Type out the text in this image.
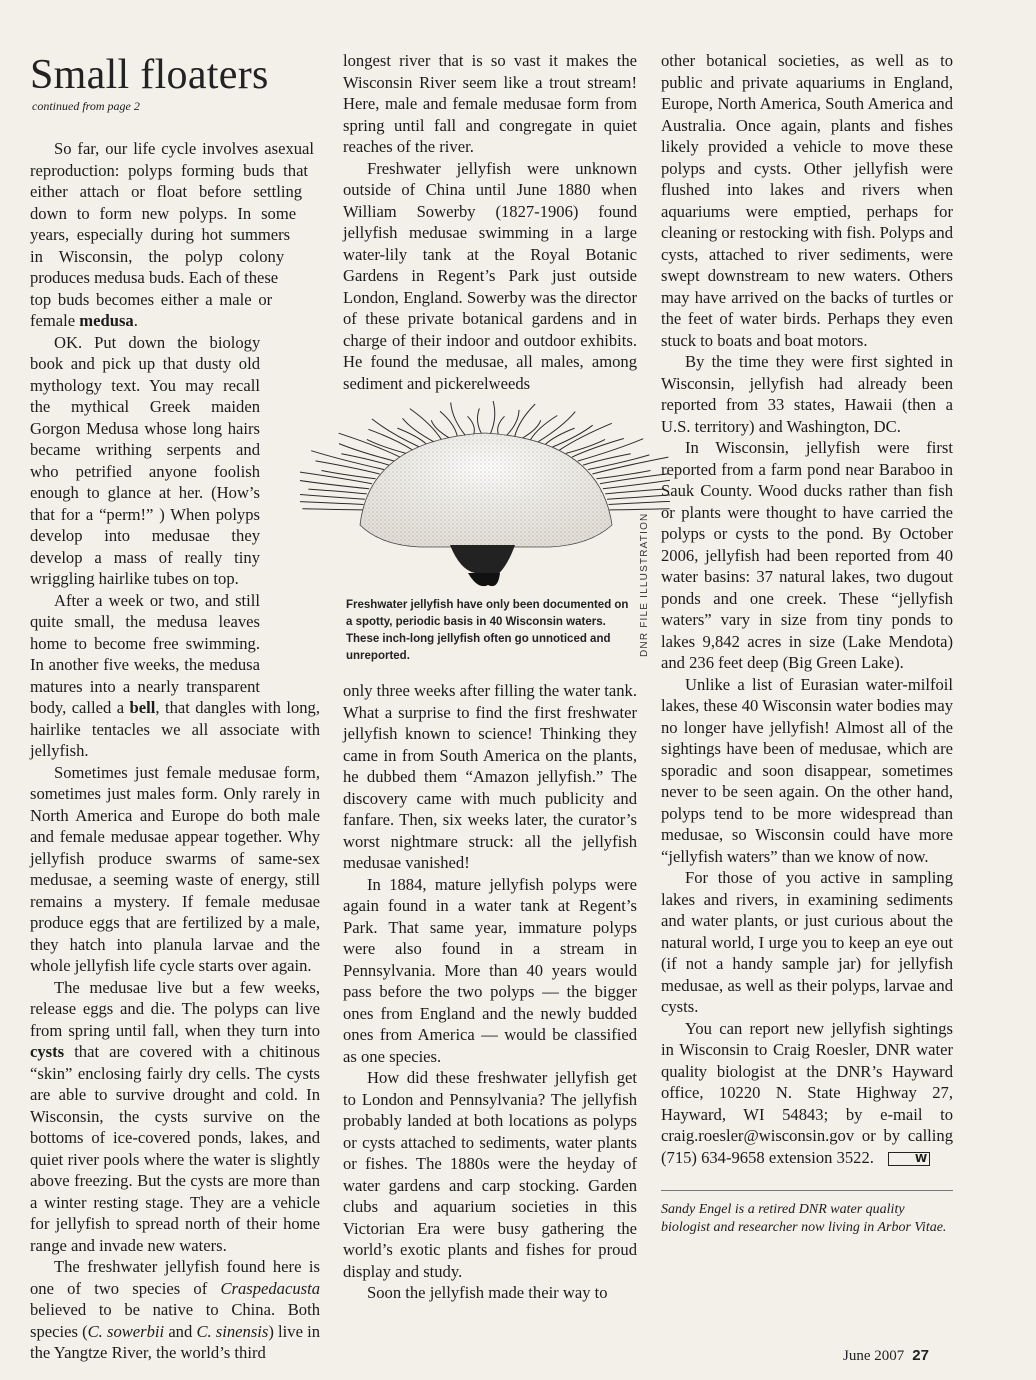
Small floaters
continued from page 2

So far, our life cycle involves asexual reproduction: polyps forming buds that either attach or float before settling down to form new polyps. In some years, especially during hot summers in Wisconsin, the polyp colony produces medusa buds. Each of these top buds becomes either a male or female medusa.

OK. Put down the biology book and pick up that dusty old mythology text. You may recall the mythical Greek maiden Gorgon Medusa whose long hairs became writhing serpents and who petrified anyone foolish enough to glance at her. (How’s that for a “perm!” ) When polyps develop into medusae they develop a mass of really tiny wriggling hairlike tubes on top.

After a week or two, and still quite small, the medusa leaves home to become free swimming. In another five weeks, the medusa matures into a nearly transparent body, called a bell, that dangles with long, hairlike tentacles we all associate with jellyfish.

Sometimes just female medusae form, sometimes just males form. Only rarely in North America and Europe do both male and female medusae appear together. Why jellyfish produce swarms of same-sex medusae, a seeming waste of energy, still remains a mystery. If female medusae produce eggs that are fertilized by a male, they hatch into planula larvae and the whole jellyfish life cycle starts over again.

The medusae live but a few weeks, release eggs and die. The polyps can live from spring until fall, when they turn into cysts that are covered with a chitinous “skin” enclosing fairly dry cells. The cysts are able to survive drought and cold. In Wisconsin, the cysts survive on the bottoms of ice-covered ponds, lakes, and quiet river pools where the water is slightly above freezing. But the cysts are more than a winter resting stage. They are a vehicle for jellyfish to spread north of their home range and invade new waters.

The freshwater jellyfish found here is one of two species of Craspedacusta believed to be native to China. Both species (C. sowerbii and C. sinensis) live in the Yangtze River, the world’s third

longest river that is so vast it makes the Wisconsin River seem like a trout stream! Here, male and female medusae form from spring until fall and congregate in quiet reaches of the river.

Freshwater jellyfish were unknown outside of China until June 1880 when William Sowerby (1827-1906) found jellyfish medusae swimming in a large water-lily tank at the Royal Botanic Gardens in Regent’s Park just outside London, England. Sowerby was the director of these private botanical gardens and in charge of their indoor and outdoor exhibits. He found the medusae, all males, among sediment and pickerelweeds

only three weeks after filling the water tank. What a surprise to find the first freshwater jellyfish known to science! Thinking they came in from South America on the plants, he dubbed them “Amazon jellyfish.” The discovery came with much publicity and fanfare. Then, six weeks later, the curator’s worst nightmare struck: all the jellyfish medusae vanished!

In 1884, mature jellyfish polyps were again found in a water tank at Regent’s Park. That same year, immature polyps were also found in a stream in Pennsylvania. More than 40 years would pass before the two polyps — the bigger ones from England and the newly budded ones from America — would be classified as one species.

How did these freshwater jellyfish get to London and Pennsylvania? The jellyfish probably landed at both locations as polyps or cysts attached to sediments, water plants or fishes. The 1880s were the heyday of water gardens and carp stocking. Garden clubs and aquarium societies in this Victorian Era were busy gathering the world’s exotic plants and fishes for proud display and study.

Soon the jellyfish made their way to

Freshwater jellyfish have only been documented on a spotty, periodic basis in 40 Wisconsin waters. These inch-long jellyfish often go unnoticed and unreported.	DNR FILE ILLUSTRATION

other botanical societies, as well as to public and private aquariums in England, Europe, North America, South America and Australia. Once again, plants and fishes likely provided a vehicle to move these polyps and cysts. Other jellyfish were flushed into lakes and rivers when aquariums were emptied, perhaps for cleaning or restocking with fish. Polyps and cysts, attached to river sediments, were swept downstream to new waters. Others may have arrived on the backs of turtles or the feet of water birds. Perhaps they even stuck to boats and boat motors.

By the time they were first sighted in Wisconsin, jellyfish had already been reported from 33 states, Hawaii (then a U.S. territory) and Washington, DC.

In Wisconsin, jellyfish were first reported from a farm pond near Baraboo in Sauk County. Wood ducks rather than fish or plants were thought to have carried the polyps or cysts to the pond. By October 2006, jellyfish had been reported from 40 water basins: 37 natural lakes, two dugout ponds and one creek. These “jellyfish waters” vary in size from tiny ponds to lakes 9,842 acres in size (Lake Mendota) and 236 feet deep (Big Green Lake).

Unlike a list of Eurasian water-milfoil lakes, these 40 Wisconsin water bodies may no longer have jellyfish! Almost all of the sightings have been of medusae, which are sporadic and soon disappear, sometimes never to be seen again. On the other hand, polyps tend to be more widespread than medusae, so Wisconsin could have more “jellyfish waters” than we know of now.

For those of you active in sampling lakes and rivers, in examining sediments and water plants, or just curious about the natural world, I urge you to keep an eye out (if not a handy sample jar) for jellyfish medusae, as well as their polyps, larvae and cysts.

You can report new jellyfish sightings in Wisconsin to Craig Roesler, DNR water quality biologist at the DNR’s Hayward office, 10220 N. State Highway 27, Hayward, WI 54843; by e-mail to craig.roesler@wisconsin.gov or by calling (715) 634-9658 extension 3522.	W

Sandy Engel is a retired DNR water quality biologist and researcher now living in Arbor Vitae.

June 2007 27
